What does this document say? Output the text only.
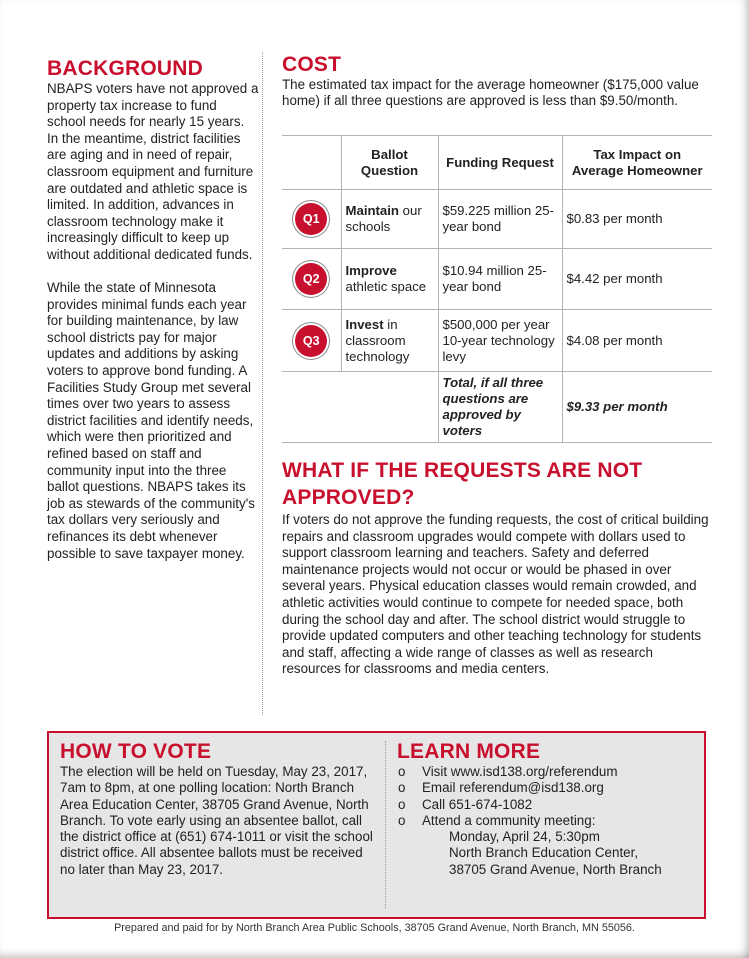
BACKGROUND

NBAPS voters have not approved a property tax increase to fund school needs for nearly 15 years. In the meantime, district facilities are aging and in need of repair, classroom equipment and furniture are outdated and athletic space is limited. In addition, advances in classroom technology make it increasingly difficult to keep up without additional dedicated funds.

While the state of Minnesota provides minimal funds each year for building maintenance, by law school districts pay for major updates and additions by asking voters to approve bond funding. A Facilities Study Group met several times over two years to assess district facilities and identify needs, which were then prioritized and refined based on staff and community input into the three ballot questions. NBAPS takes its job as stewards of the community's tax dollars very seriously and refinances its debt whenever possible to save taxpayer money.

COST

The estimated tax impact for the average homeowner ($175,000 value home) if all three questions are approved is less than $9.50/month.

	Ballot Question	Funding Request	Tax Impact on Average Homeowner
Q1	Maintain our schools	$59.225 million 25-year bond	$0.83 per month
Q2	Improve athletic space	$10.94 million 25-year bond	$4.42 per month
Q3	Invest in classroom technology	$500,000 per year 10-year technology levy	$4.08 per month
		Total, if all three questions are approved by voters	$9.33 per month
WHAT IF THE REQUESTS ARE NOT APPROVED?

If voters do not approve the funding requests, the cost of critical building repairs and classroom upgrades would compete with dollars used to support classroom learning and teachers. Safety and deferred maintenance projects would not occur or would be phased in over several years. Physical education classes would remain crowded, and athletic activities would continue to compete for needed space, both during the school day and after. The school district would struggle to provide updated computers and other teaching technology for students and staff, affecting a wide range of classes as well as research resources for classrooms and media centers.

HOW TO VOTE

The election will be held on Tuesday, May 23, 2017, 7am to 8pm, at one polling location: North Branch Area Education Center, 38705 Grand Avenue, North Branch. To vote early using an absentee ballot, call the district office at (651) 674-1011 or visit the school district office. All absentee ballots must be received no later than May 23, 2017.

LEARN MORE
o Visit www.isd138.org/referendum
o Email referendum@isd138.org
o Call 651-674-1082
o Attend a community meeting:
Monday, April 24, 5:30pm
North Branch Education Center,
38705 Grand Avenue, North Branch
Prepared and paid for by North Branch Area Public Schools, 38705 Grand Avenue, North Branch, MN 55056.
